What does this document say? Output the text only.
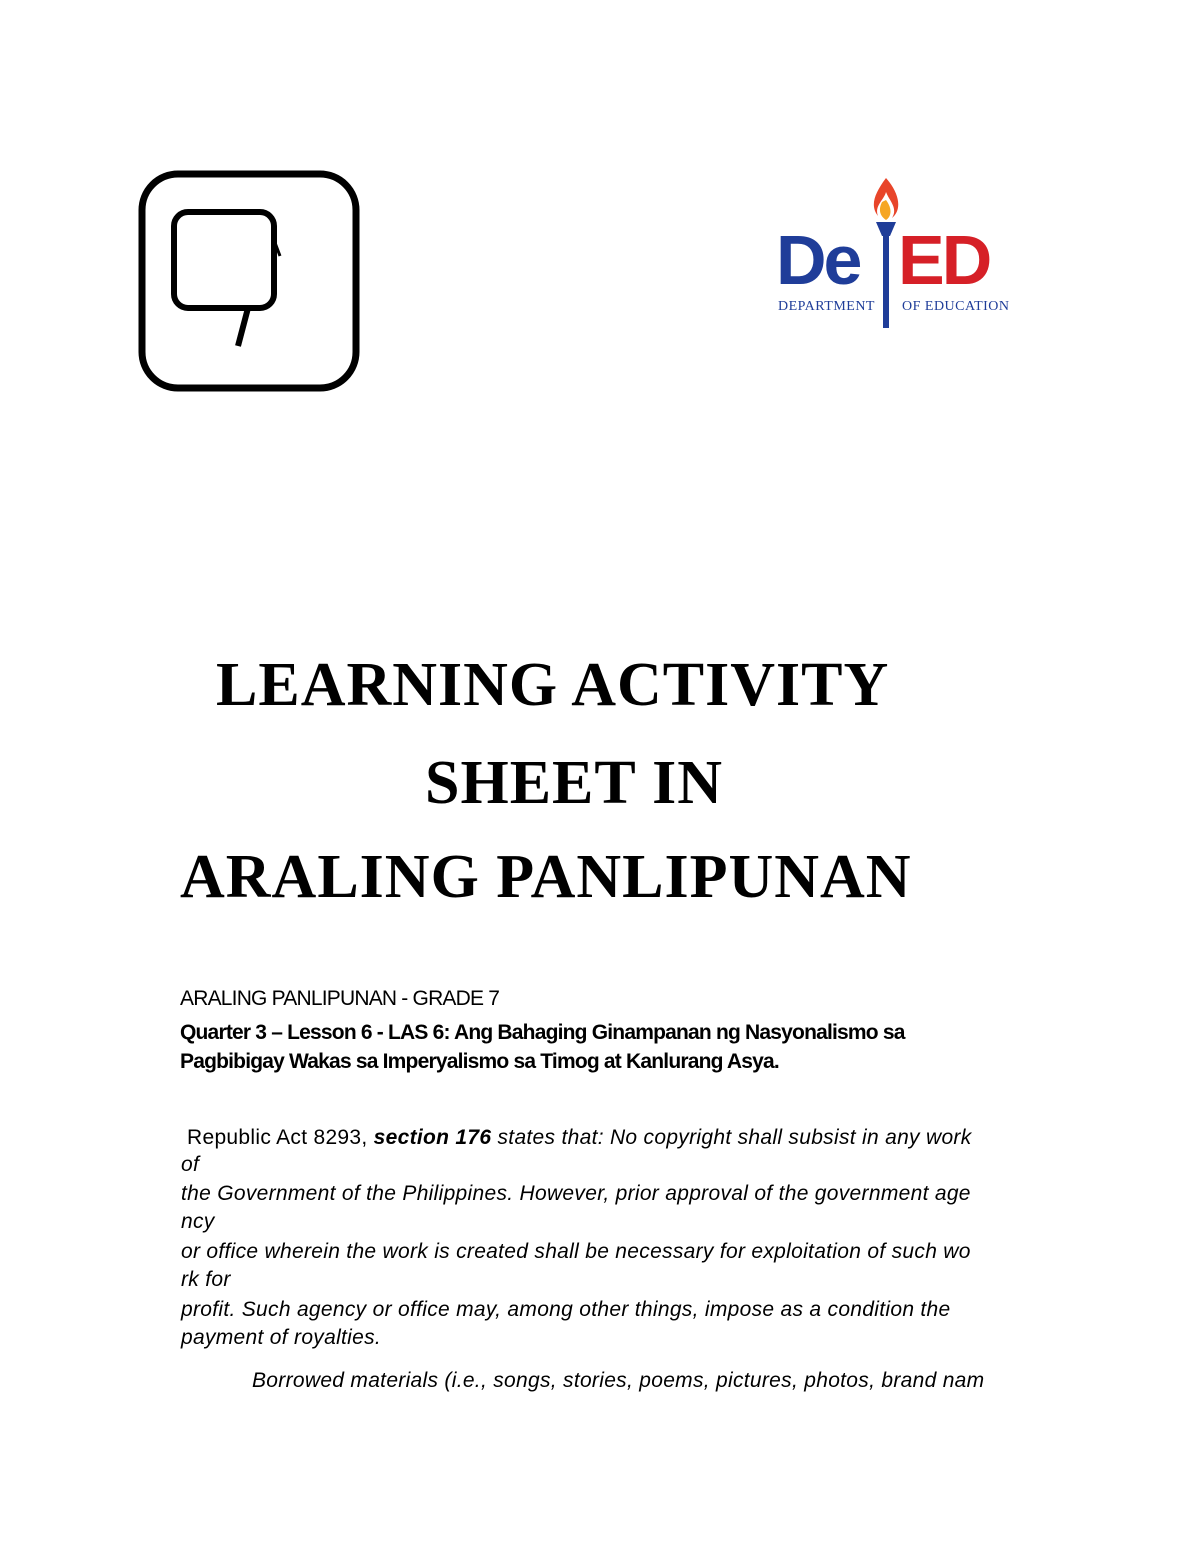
De ED
DEPARTMENT OF EDUCATION
LEARNING ACTIVITY
SHEET IN
ARALING PANLIPUNAN
ARALING PANLIPUNAN - GRADE 7
Quarter 3 – Lesson 6 - LAS 6: Ang Bahaging Ginampanan ng Nasyonalismo sa
Pagbibigay Wakas sa Imperyalismo sa Timog at Kanlurang Asya.
Republic Act 8293, section 176 states that: No copyright shall subsist in any work
of
the Government of the Philippines. However, prior approval of the government age
ncy
or office wherein the work is created shall be necessary for exploitation of such wo
rk for
profit. Such agency or office may, among other things, impose as a condition the
payment of royalties.
Borrowed materials (i.e., songs, stories, poems, pictures, photos, brand nam
